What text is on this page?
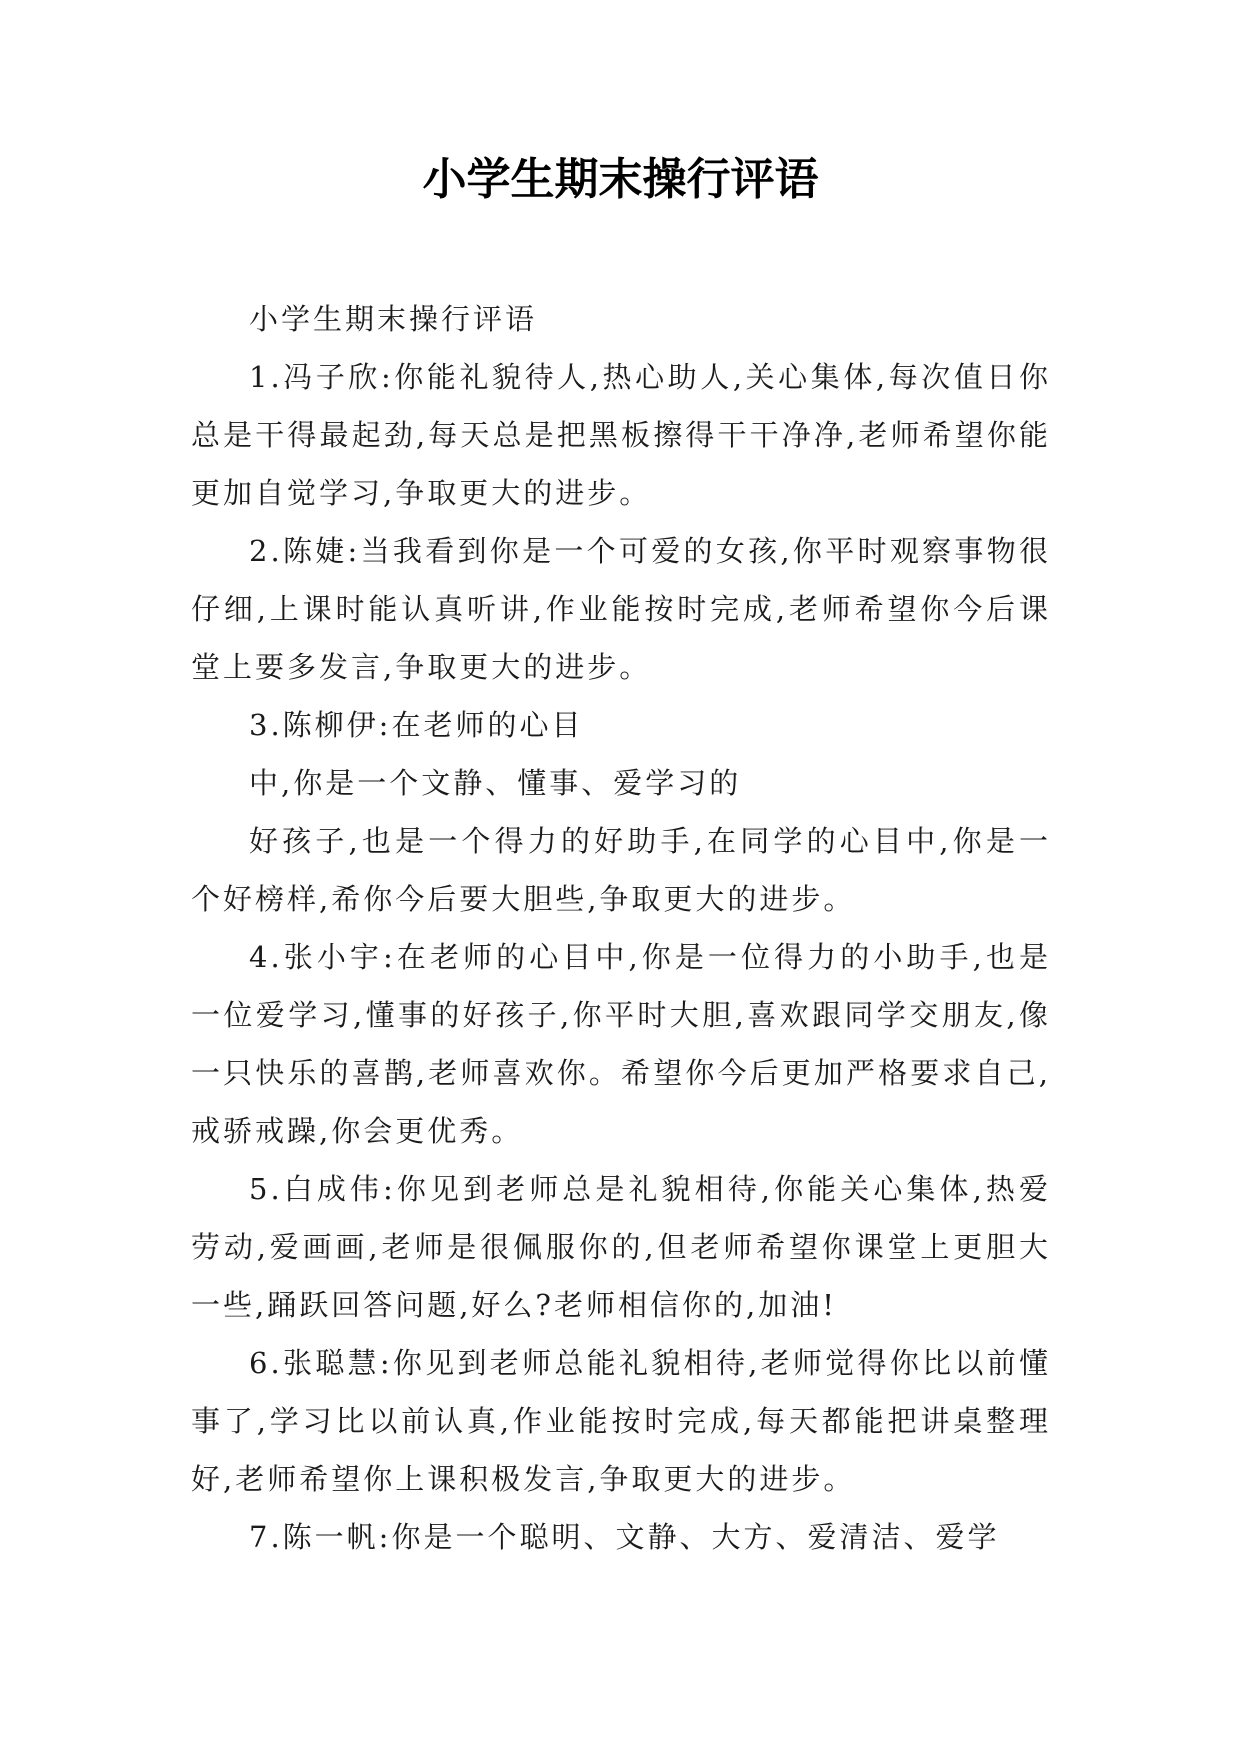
小学生期末操行评语

小学生期末操行评语

1.冯子欣:你能礼貌待人,热心助人,关心集体,每次值日你总是干得最起劲,每天总是把黑板擦得干干净净,老师希望你能更加自觉学习,争取更大的进步。

2.陈婕:当我看到你是一个可爱的女孩,你平时观察事物很仔细,上课时能认真听讲,作业能按时完成,老师希望你今后课堂上要多发言,争取更大的进步。

3.陈柳伊:在老师的心目

中,你是一个文静、懂事、爱学习的

好孩子,也是一个得力的好助手,在同学的心目中,你是一个好榜样,希你今后要大胆些,争取更大的进步。

4.张小宇:在老师的心目中,你是一位得力的小助手,也是一位爱学习,懂事的好孩子,你平时大胆,喜欢跟同学交朋友,像一只快乐的喜鹊,老师喜欢你。希望你今后更加严格要求自己,戒骄戒躁,你会更优秀。

5.白成伟:你见到老师总是礼貌相待,你能关心集体,热爱劳动,爱画画,老师是很佩服你的,但老师希望你课堂上更胆大一些,踊跃回答问题,好么?老师相信你的,加油!

6.张聪慧:你见到老师总能礼貌相待,老师觉得你比以前懂事了,学习比以前认真,作业能按时完成,每天都能把讲桌整理好,老师希望你上课积极发言,争取更大的进步。

7.陈一帆:你是一个聪明、文静、大方、爱清洁、爱学
